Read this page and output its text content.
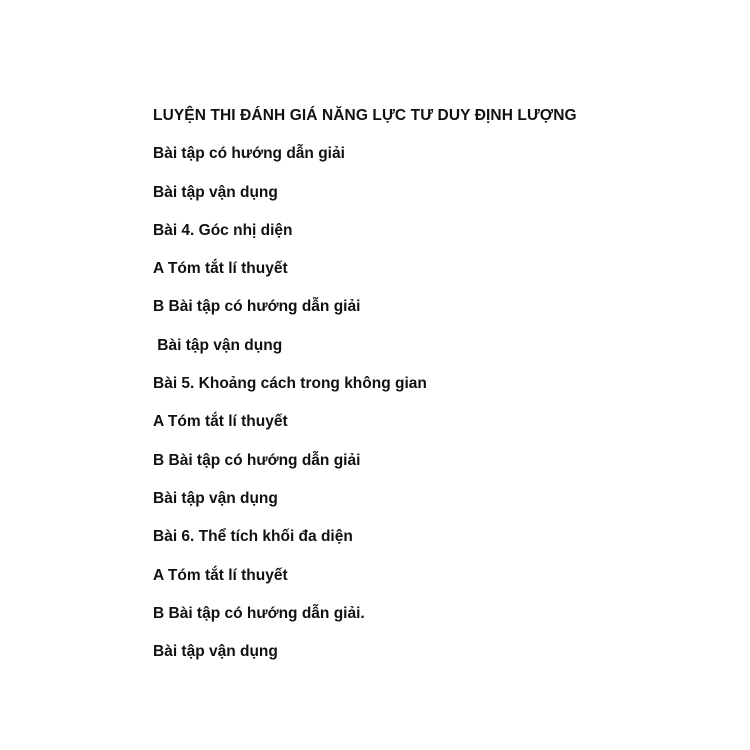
LUYỆN THI ĐÁNH GIÁ NĂNG LỰC TƯ DUY ĐỊNH LƯỢNG
Bài tập có hướng dẫn giải
Bài tập vận dụng
Bài 4. Góc nhị diện
A Tóm tắt lí thuyết
B Bài tập có hướng dẫn giải
Bài tập vận dụng
Bài 5. Khoảng cách trong không gian
A Tóm tắt lí thuyết
B Bài tập có hướng dẫn giải
Bài tập vận dụng
Bài 6. Thể tích khối đa diện
A Tóm tắt lí thuyết
B Bài tập có hướng dẫn giải.
Bài tập vận dụng
